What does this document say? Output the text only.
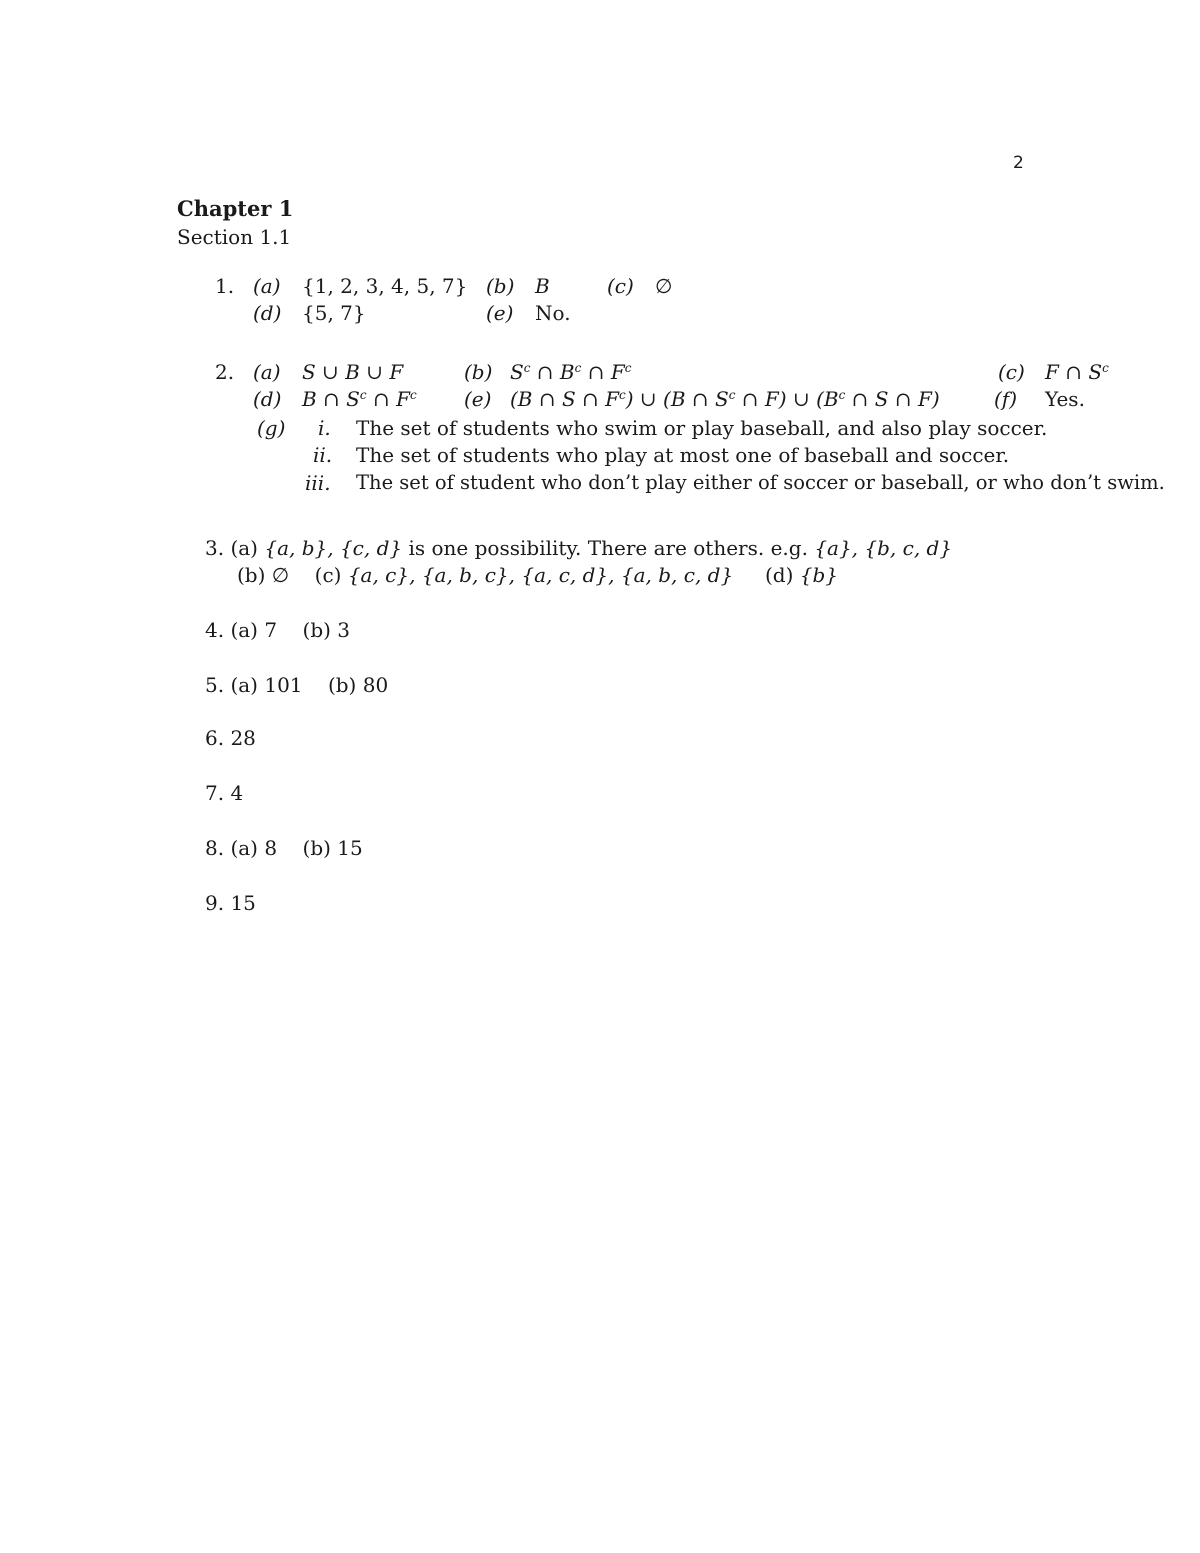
2
Chapter 1
Section 1.1
1. (a) {1, 2, 3, 4, 5, 7} (b) B	(c) ∅
(d) {5, 7}	(e) No.
2. (a) S ∪ B ∪ F	(b) $S^c$ ∩ $B^c$ ∩ $F^c$	(c) F ∩ $S^c$
(d) B ∩ $S^c$ ∩ $F^c$ (e) (B ∩ S ∩ $F^c$) ∪ (B ∩ $S^c$ ∩ F) ∪ ($B^c$ ∩ S ∩ F)	(f) Yes.
(g) i. The set of students who swim or play baseball, and also play soccer.
ii. The set of students who play at most one of baseball and soccer.
iii. The set of student who don’t play either of soccer or baseball, or who don’t swim.
3. (a) {a, b}, {c, d} is one possibility. There are others. e.g. {a}, {b, c, d}
(b) ∅ (c) {a, c}, {a, b, c}, {a, c, d}, {a, b, c, d} (d) {b}
4. (a) 7 (b) 3
5. (a) 101 (b) 80
6. 28
7. 4
8. (a) 8 (b) 15
9. 15
